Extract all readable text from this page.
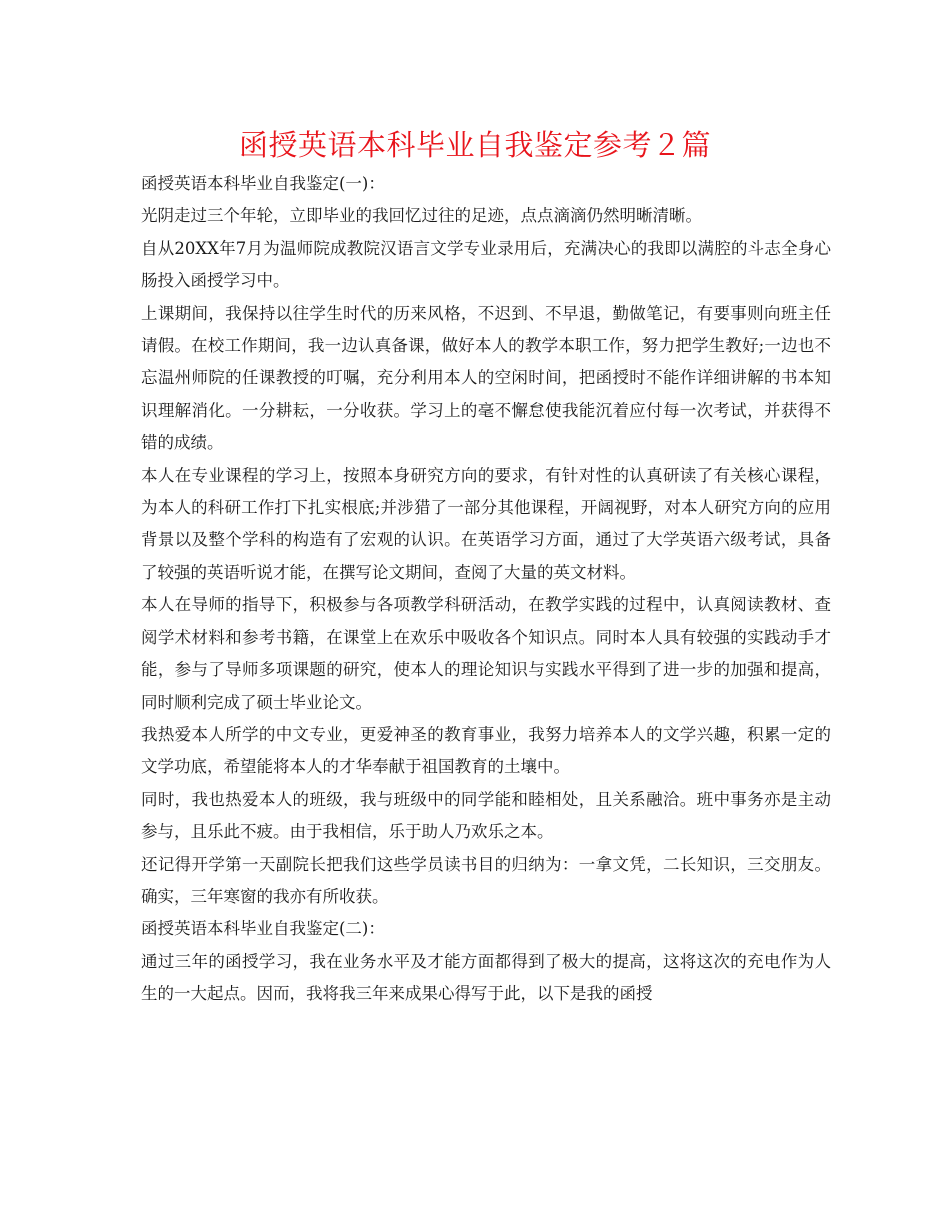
函授英语本科毕业自我鉴定参考２篇

函授英语本科毕业自我鉴定(一)：

光阴走过三个年轮，立即毕业的我回忆过往的足迹，点点滴滴仍然明晰清晰。

自从20XX年7月为温师院成教院汉语言文学专业录用后，充满决心的我即以满腔的斗志全身心肠投入函授学习中。

上课期间，我保持以往学生时代的历来风格，不迟到、不早退，勤做笔记，有要事则向班主任请假。在校工作期间，我一边认真备课，做好本人的教学本职工作，努力把学生教好;一边也不忘温州师院的任课教授的叮嘱，充分利用本人的空闲时间，把函授时不能作详细讲解的书本知识理解消化。一分耕耘，一分收获。学习上的毫不懈怠使我能沉着应付每一次考试，并获得不错的成绩。

本人在专业课程的学习上，按照本身研究方向的要求，有针对性的认真研读了有关核心课程，为本人的科研工作打下扎实根底;并涉猎了一部分其他课程，开阔视野，对本人研究方向的应用背景以及整个学科的构造有了宏观的认识。在英语学习方面，通过了大学英语六级考试，具备了较强的英语听说才能，在撰写论文期间，查阅了大量的英文材料。

本人在导师的指导下，积极参与各项教学科研活动，在教学实践的过程中，认真阅读教材、查阅学术材料和参考书籍，在课堂上在欢乐中吸收各个知识点。同时本人具有较强的实践动手才能，参与了导师多项课题的研究，使本人的理论知识与实践水平得到了进一步的加强和提高，同时顺利完成了硕士毕业论文。

我热爱本人所学的中文专业，更爱神圣的教育事业，我努力培养本人的文学兴趣，积累一定的文学功底，希望能将本人的才华奉献于祖国教育的土壤中。

同时，我也热爱本人的班级，我与班级中的同学能和睦相处，且关系融洽。班中事务亦是主动参与，且乐此不疲。由于我相信，乐于助人乃欢乐之本。

还记得开学第一天副院长把我们这些学员读书目的归纳为：一拿文凭，二长知识，三交朋友。确实，三年寒窗的我亦有所收获。

函授英语本科毕业自我鉴定(二)：

通过三年的函授学习，我在业务水平及才能方面都得到了极大的提高，这将这次的充电作为人生的一大起点。因而，我将我三年来成果心得写于此，以下是我的函授
